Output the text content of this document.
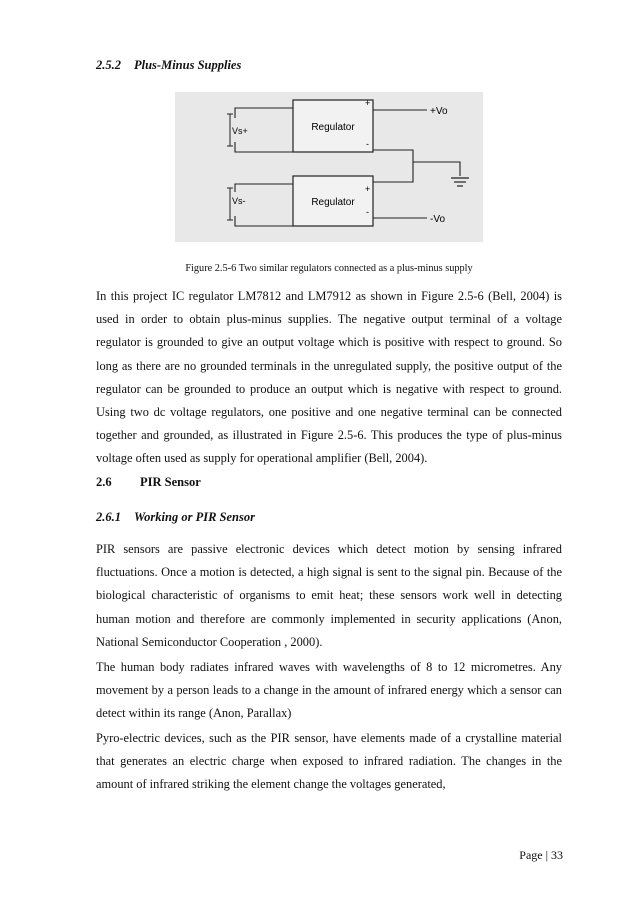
2.5.2 Plus-Minus Supplies
Regulator
Regulator
Vs+
Vs-
+
+Vo
-
+
-
-Vo
Figure 2.5-6 Two similar regulators connected as a plus-minus supply
In this project IC regulator LM7812 and LM7912 as shown in Figure 2.5-6 (Bell, 2004) is used in order to obtain plus-minus supplies. The negative output terminal of a voltage regulator is grounded to give an output voltage which is positive with respect to ground. So long as there are no grounded terminals in the unregulated supply, the positive output of the regulator can be grounded to produce an output which is negative with respect to ground. Using two dc voltage regulators, one positive and one negative terminal can be connected together and grounded, as illustrated in Figure 2.5-6. This produces the type of plus-minus voltage often used as supply for operational amplifier (Bell, 2004).
2.6 PIR Sensor
2.6.1 Working or PIR Sensor
PIR sensors are passive electronic devices which detect motion by sensing infrared fluctuations. Once a motion is detected, a high signal is sent to the signal pin. Because of the biological characteristic of organisms to emit heat; these sensors work well in detecting human motion and therefore are commonly implemented in security applications (Anon, National Semiconductor Cooperation , 2000).
The human body radiates infrared waves with wavelengths of 8 to 12 micrometres. Any movement by a person leads to a change in the amount of infrared energy which a sensor can detect within its range (Anon, Parallax)
Pyro-electric devices, such as the PIR sensor, have elements made of a crystalline material that generates an electric charge when exposed to infrared radiation. The changes in the amount of infrared striking the element change the voltages generated,
Page | 33
